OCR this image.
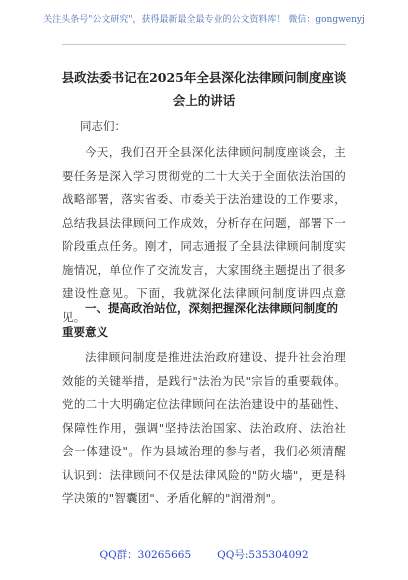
关注头条号"公文研究"，获得最新最全最专业的公文资料库！ 微信：gongwenyj
县政法委书记在2025年全县深化法律顾问制度座谈会上的讲话
同志们：

今天，我们召开全县深化法律顾问制度座谈会，主要任务是深入学习贯彻党的二十大关于全面依法治国的战略部署，落实省委、市委关于法治建设的工作要求，总结我县法律顾问工作成效，分析存在问题，部署下一阶段重点任务。刚才，同志通报了全县法律顾问制度实施情况，单位作了交流发言，大家围绕主题提出了很多建设性意见。下面，我就深化法律顾问制度讲四点意见。

一、提高政治站位，深刻把握深化法律顾问制度的重要意义

法律顾问制度是推进法治政府建设、提升社会治理效能的关键举措，是践行"法治为民"宗旨的重要载体。党的二十大明确定位法律顾问在法治建设中的基础性、保障性作用，强调"坚持法治国家、法治政府、法治社会一体建设"。作为县域治理的参与者，我们必须清醒认识到：法律顾问不仅是法律风险的"防火墙"，更是科学决策的"智囊团"、矛盾化解的"润滑剂"。

QQ群：30265665 QQ号:535304092
